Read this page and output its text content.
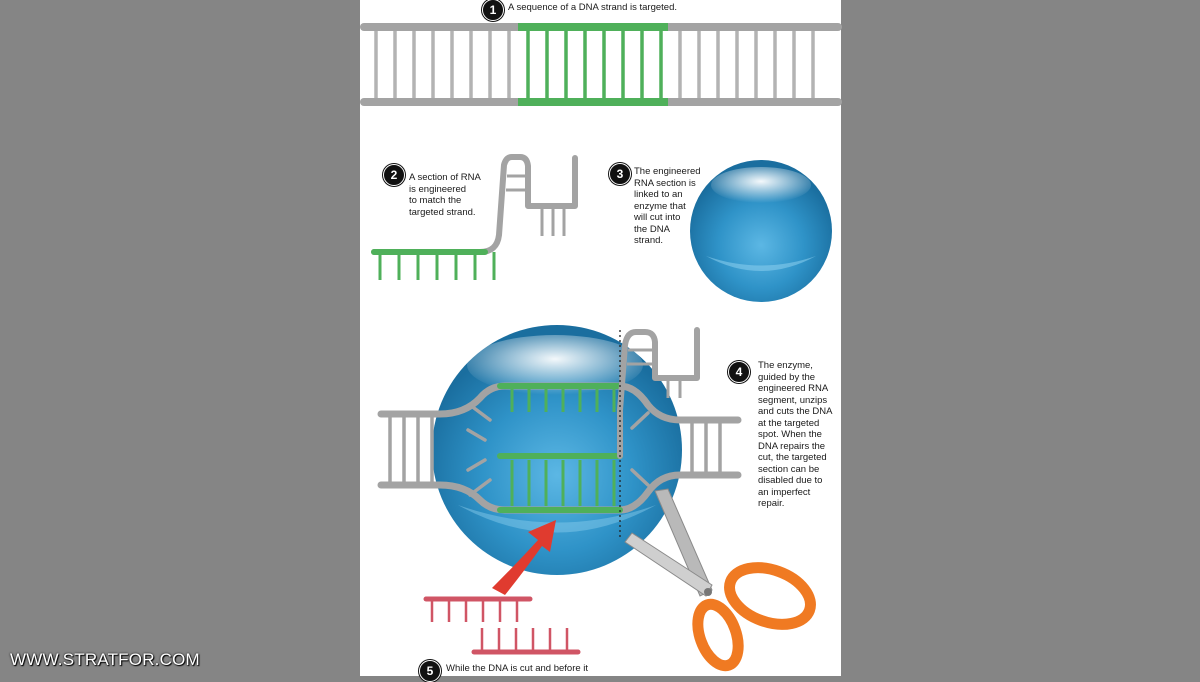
1	A sequence of a DNA strand is targeted.
2	A section of RNA
is engineered
to match the
targeted strand.
3	The engineered
RNA section is
linked to an
enzyme that
will cut into
the DNA
strand.
4	The enzyme,
guided by the
engineered RNA
segment, unzips
and cuts the DNA
at the targeted
spot. When the
DNA repairs the
cut, the targeted
section can be
disabled due to
an imperfect
repair.
5	While the DNA is cut and before it
WWW.STRATFOR.COM
